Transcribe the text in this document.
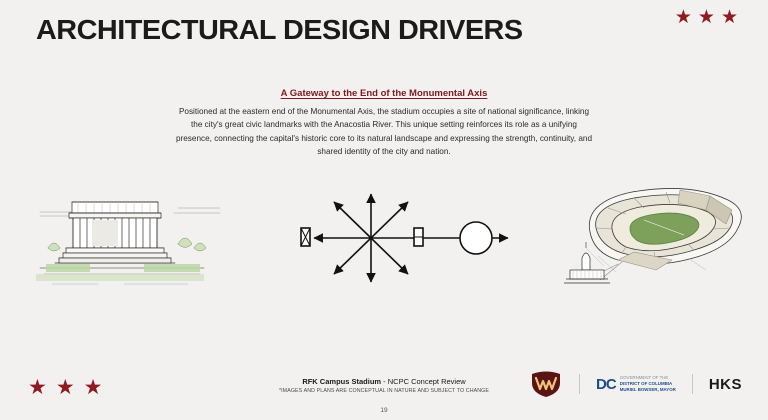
ARCHITECTURAL DESIGN DRIVERS	★ ★ ★
A Gateway to the End of the Monumental Axis
Positioned at the eastern end of the Monumental Axis, the stadium occupies a site of national significance, linking the city's great civic landmarks with the Anacostia River. This unique setting reinforces its role as a unifying presence, connecting the capital's historic core to its natural landscape and expressing the strength, continuity, and shared identity of the city and nation.
★ ★ ★	RFK Campus Stadium - NCPC Concept Review
*IMAGES AND PLANS ARE CONCEPTUAL IN NATURE AND SUBJECT TO CHANGE
19
DC GOVERNMENT OF THE
DISTRICT OF COLUMBIA
MURIEL BOWSER, MAYOR HKS
